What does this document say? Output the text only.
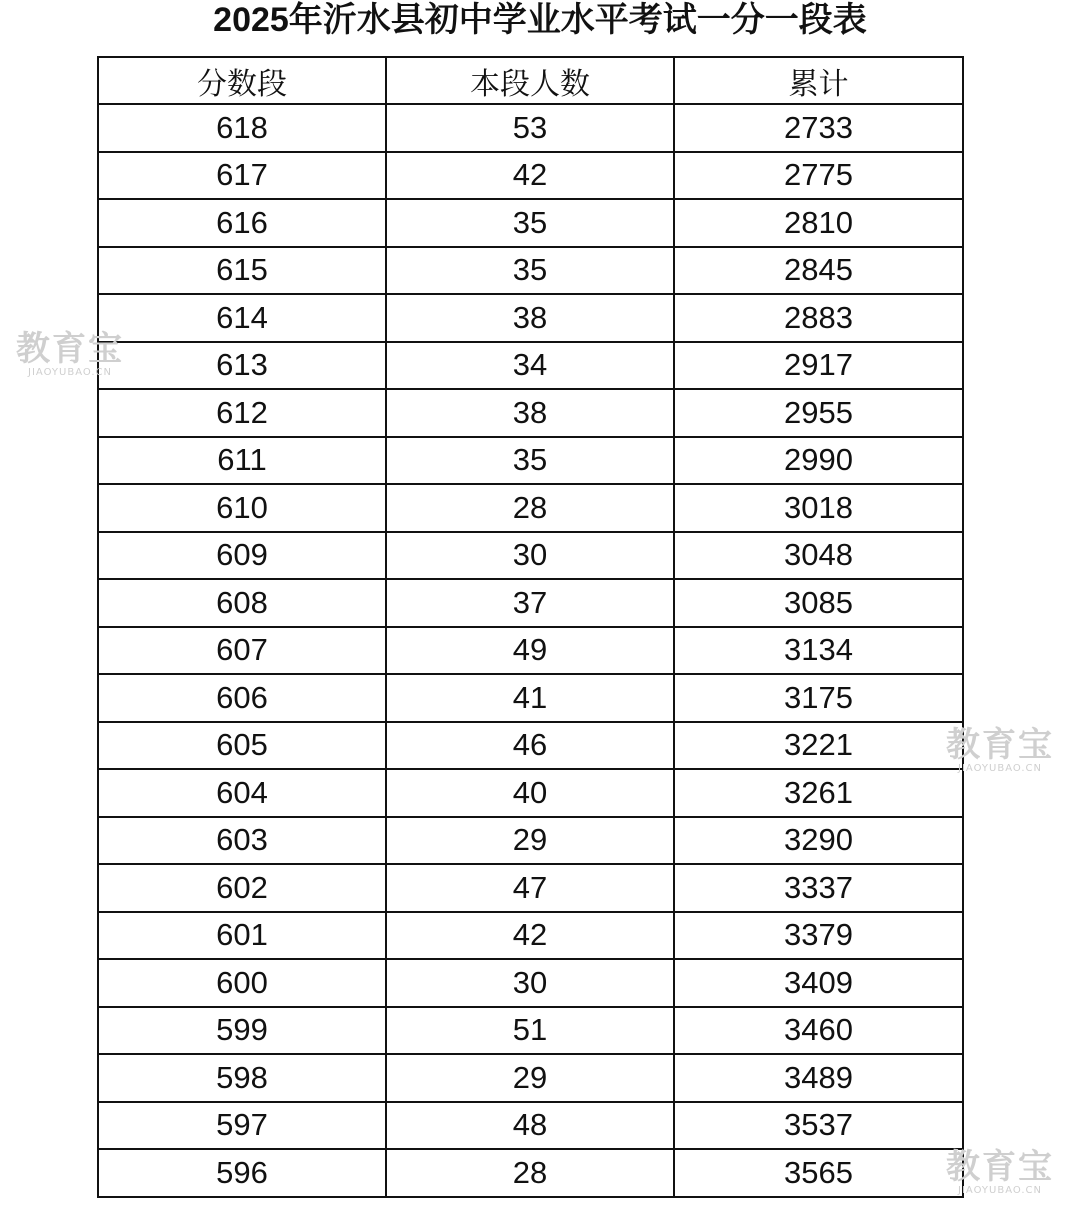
2025年沂水县初中学业水平考试一分一段表
分数段	本段人数	累计
618	53	2733
617	42	2775
616	35	2810
615	35	2845
614	38	2883
613	34	2917
612	38	2955
611	35	2990
610	28	3018
609	30	3048
608	37	3085
607	49	3134
606	41	3175
605	46	3221
604	40	3261
603	29	3290
602	47	3337
601	42	3379
600	30	3409
599	51	3460
598	29	3489
597	48	3537
596	28	3565
教育宝
JIAOYUBAO.CN
教育宝
JIAOYUBAO.CN
教育宝
JIAOYUBAO.CN
